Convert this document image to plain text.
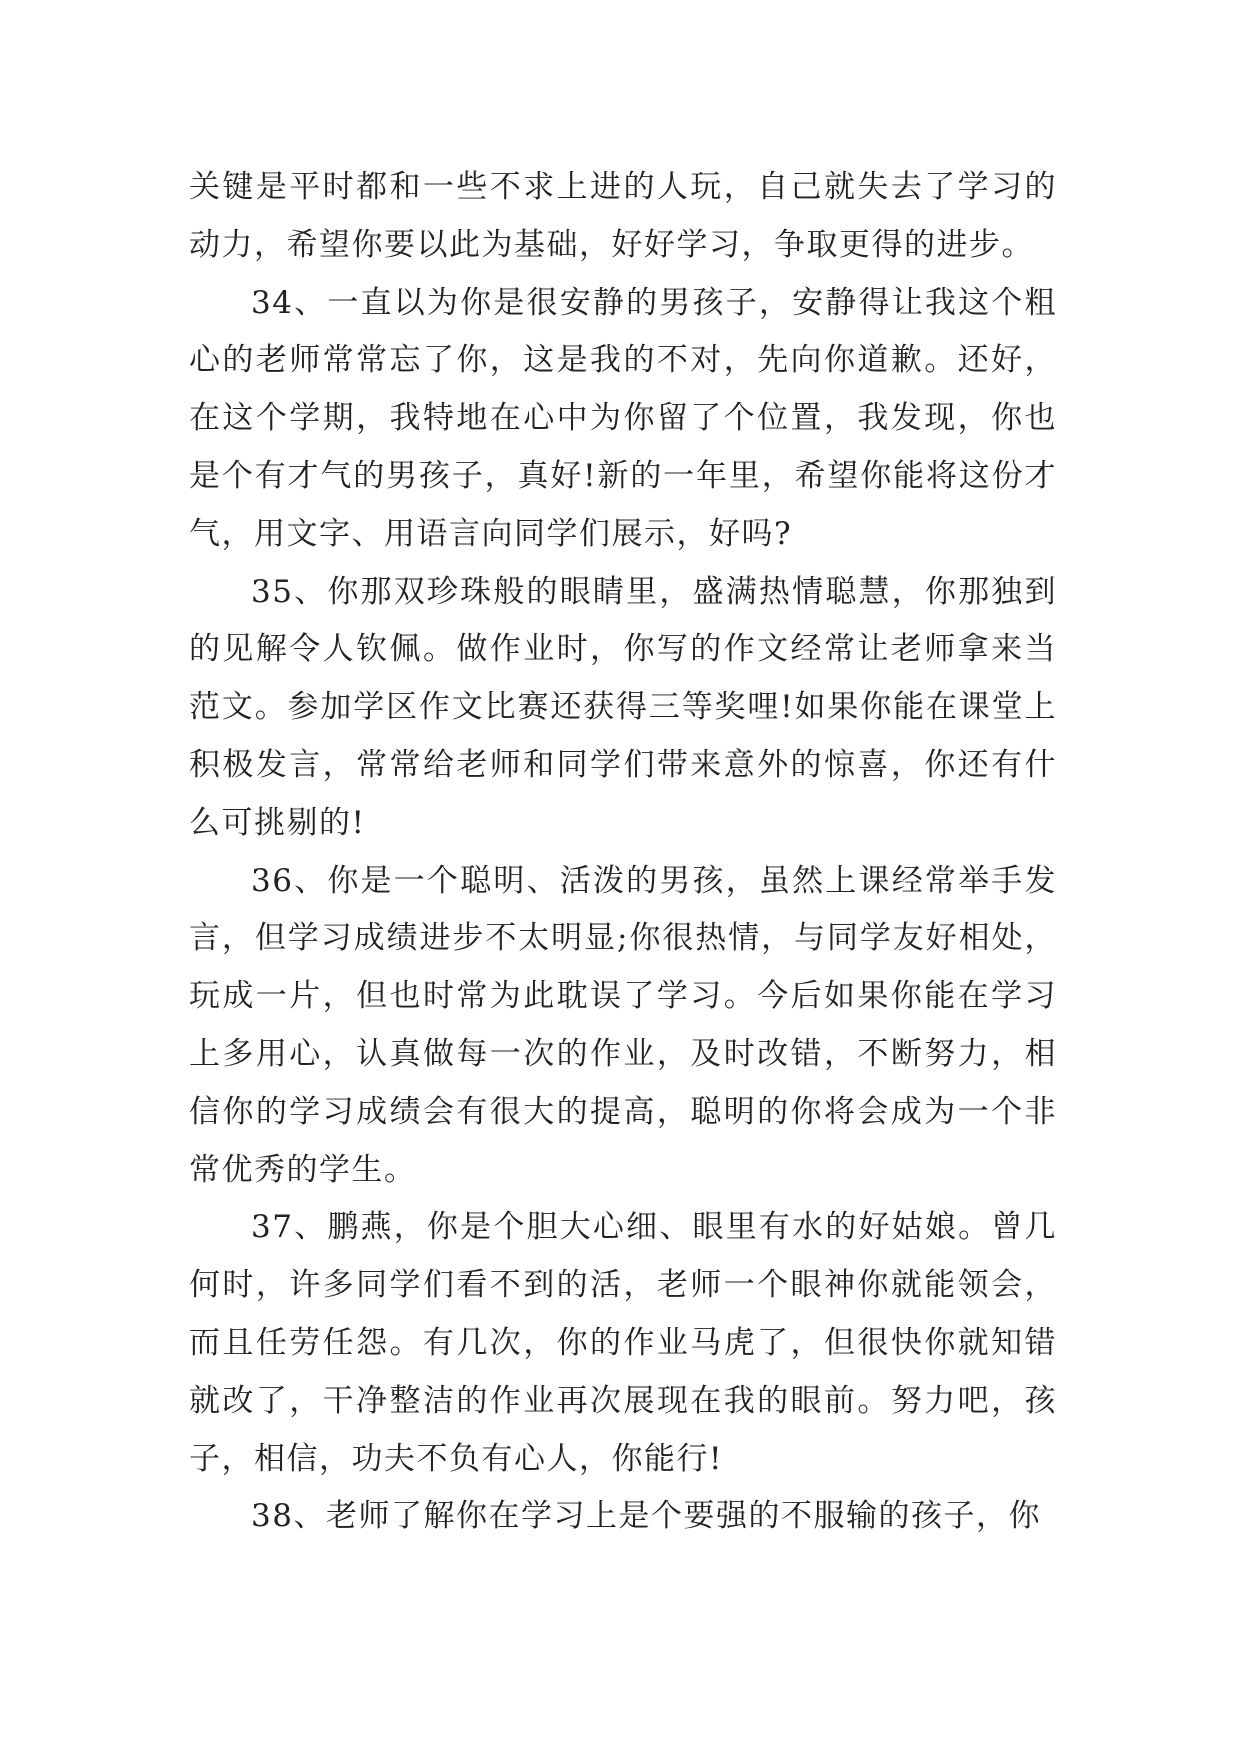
关键是平时都和一些不求上进的人玩，自己就失去了学习的动力，希望你要以此为基础，好好学习，争取更得的进步。

34、一直以为你是很安静的男孩子，安静得让我这个粗心的老师常常忘了你，这是我的不对，先向你道歉。还好，在这个学期，我特地在心中为你留了个位置，我发现，你也是个有才气的男孩子，真好!新的一年里，希望你能将这份才气，用文字、用语言向同学们展示，好吗?

35、你那双珍珠般的眼睛里，盛满热情聪慧，你那独到的见解令人钦佩。做作业时，你写的作文经常让老师拿来当范文。参加学区作文比赛还获得三等奖哩!如果你能在课堂上积极发言，常常给老师和同学们带来意外的惊喜，你还有什么可挑剔的!

36、你是一个聪明、活泼的男孩，虽然上课经常举手发言，但学习成绩进步不太明显;你很热情，与同学友好相处，玩成一片，但也时常为此耽误了学习。今后如果你能在学习上多用心，认真做每一次的作业，及时改错，不断努力，相信你的学习成绩会有很大的提高，聪明的你将会成为一个非常优秀的学生。

37、鹏燕，你是个胆大心细、眼里有水的好姑娘。曾几何时，许多同学们看不到的活，老师一个眼神你就能领会，而且任劳任怨。有几次，你的作业马虎了，但很快你就知错就改了，干净整洁的作业再次展现在我的眼前。努力吧，孩子，相信，功夫不负有心人，你能行!

38、老师了解你在学习上是个要强的不服输的孩子，你
